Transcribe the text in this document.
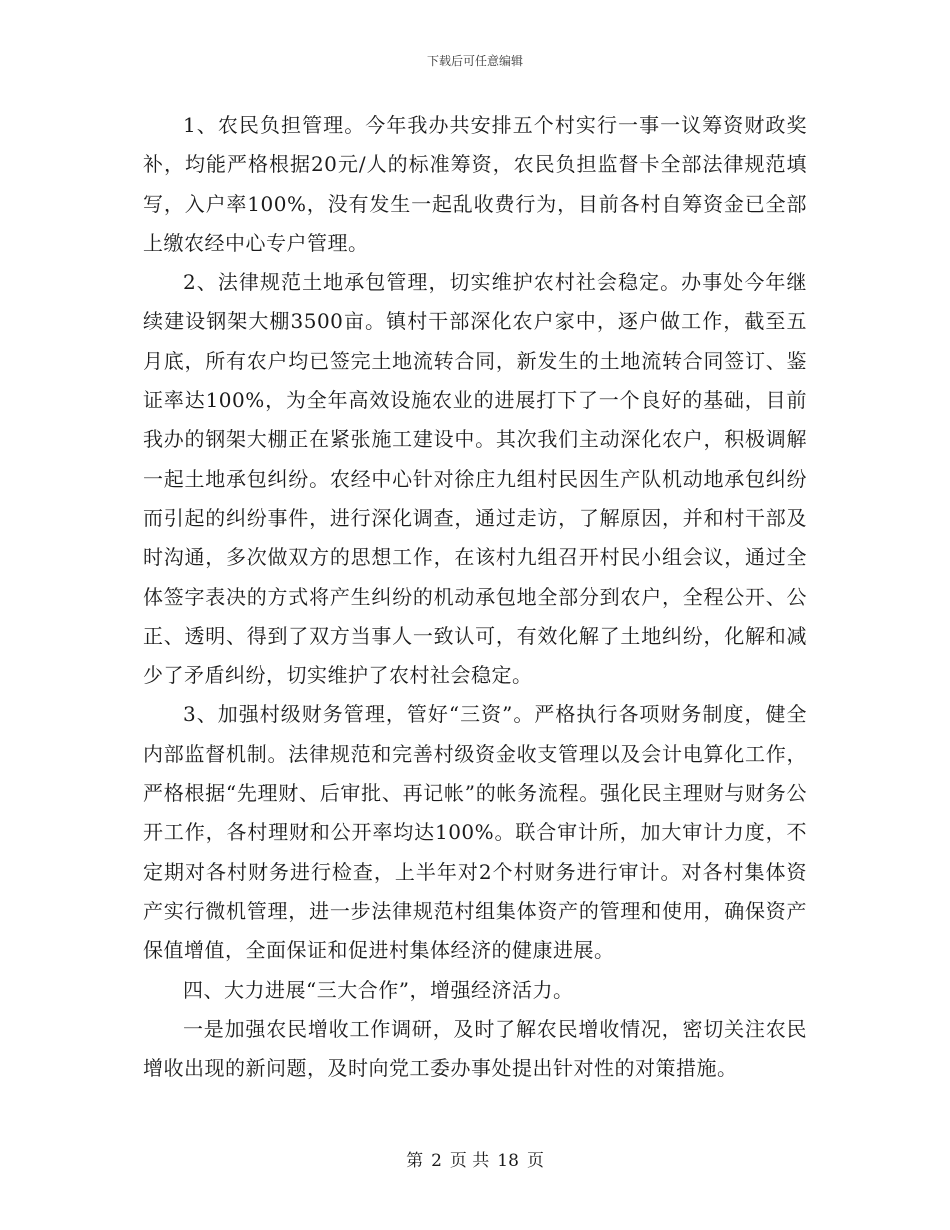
下载后可任意编辑

1、农民负担管理。今年我办共安排五个村实行一事一议筹资财政奖补，均能严格根据20元/人的标准筹资，农民负担监督卡全部法律规范填写，入户率100%，没有发生一起乱收费行为，目前各村自筹资金已全部上缴农经中心专户管理。

2、法律规范土地承包管理，切实维护农村社会稳定。办事处今年继续建设钢架大棚3500亩。镇村干部深化农户家中，逐户做工作，截至五月底，所有农户均已签完土地流转合同，新发生的土地流转合同签订、鉴证率达100%，为全年高效设施农业的进展打下了一个良好的基础，目前我办的钢架大棚正在紧张施工建设中。其次我们主动深化农户，积极调解一起土地承包纠纷。农经中心针对徐庄九组村民因生产队机动地承包纠纷而引起的纠纷事件，进行深化调查，通过走访，了解原因，并和村干部及时沟通，多次做双方的思想工作，在该村九组召开村民小组会议，通过全体签字表决的方式将产生纠纷的机动承包地全部分到农户，全程公开、公正、透明、得到了双方当事人一致认可，有效化解了土地纠纷，化解和减少了矛盾纠纷，切实维护了农村社会稳定。

3、加强村级财务管理，管好“三资”。严格执行各项财务制度，健全内部监督机制。法律规范和完善村级资金收支管理以及会计电算化工作，严格根据“先理财、后审批、再记帐”的帐务流程。强化民主理财与财务公开工作，各村理财和公开率均达100%。联合审计所，加大审计力度，不定期对各村财务进行检查，上半年对2个村财务进行审计。对各村集体资产实行微机管理，进一步法律规范村组集体资产的管理和使用，确保资产保值增值，全面保证和促进村集体经济的健康进展。

四、大力进展“三大合作”，增强经济活力。

一是加强农民增收工作调研，及时了解农民增收情况，密切关注农民增收出现的新问题，及时向党工委办事处提出针对性的对策措施。

第 2 页 共 18 页
